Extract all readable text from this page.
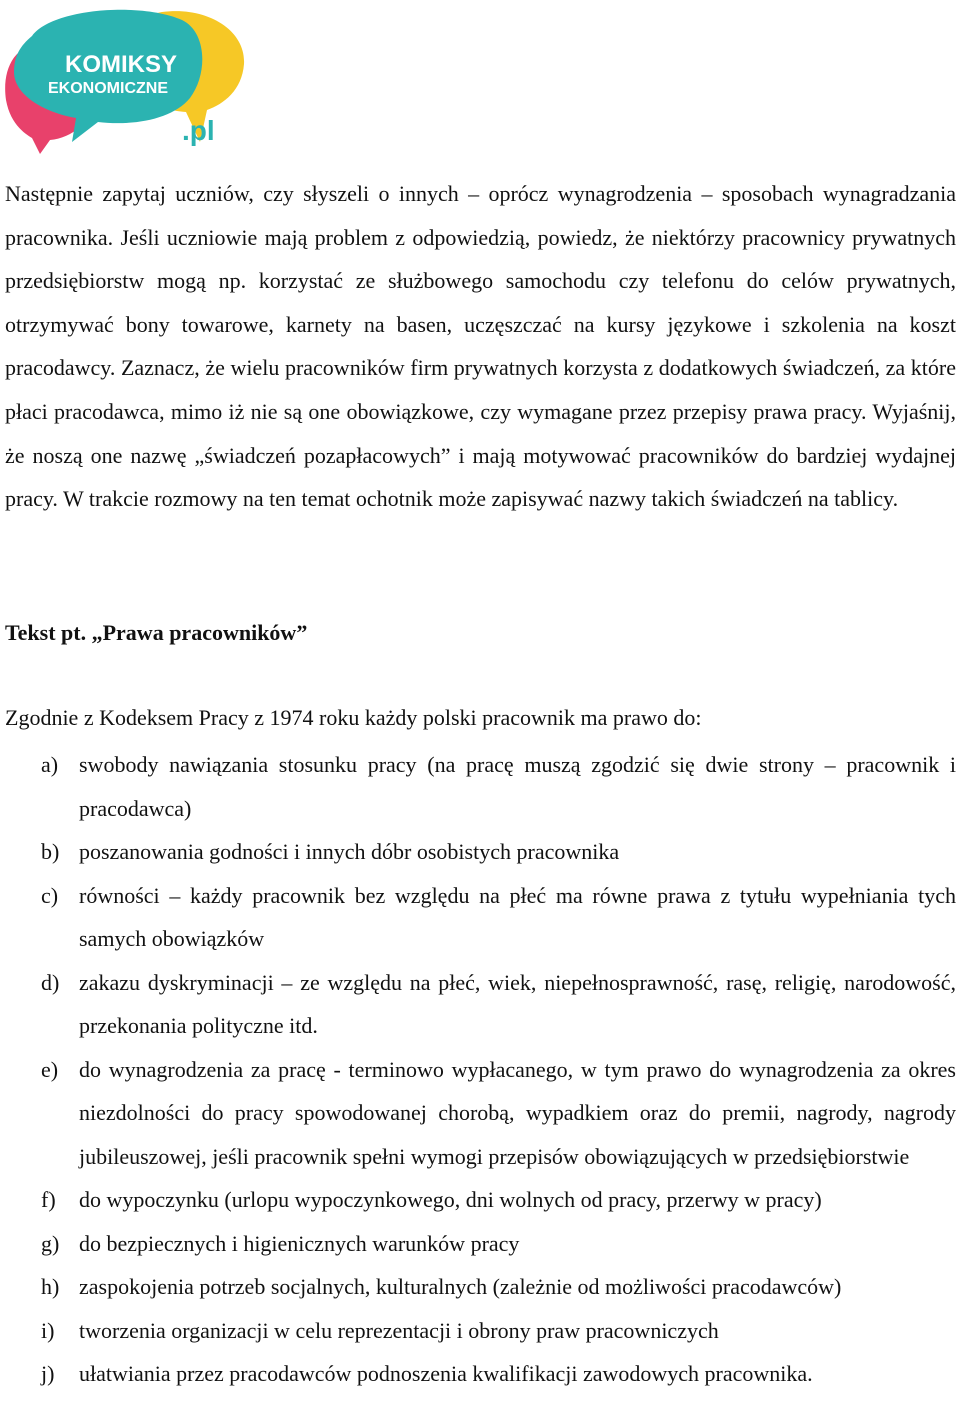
KOMIKSY
EKONOMICZNE
.pl

Następnie zapytaj uczniów, czy słyszeli o innych – oprócz wynagrodzenia – sposobach wynagradzania pracownika. Jeśli uczniowie mają problem z odpowiedzią, powiedz, że niektórzy pracownicy prywatnych przedsiębiorstw mogą np. korzystać ze służbowego samochodu czy telefonu do celów prywatnych, otrzymywać bony towarowe, karnety na basen, uczęszczać na kursy językowe i szkolenia na koszt pracodawcy. Zaznacz, że wielu pracowników firm prywatnych korzysta z dodatkowych świadczeń, za które płaci pracodawca, mimo iż nie są one obowiązkowe, czy wymagane przez przepisy prawa pracy. Wyjaśnij, że noszą one nazwę „świadczeń pozapłacowych” i mają motywować pracowników do bardziej wydajnej pracy. W trakcie rozmowy na ten temat ochotnik może zapisywać nazwy takich świadczeń na tablicy.

Tekst pt. „Prawa pracowników”

Zgodnie z Kodeksem Pracy z 1974 roku każdy polski pracownik ma prawo do:

a) swobody nawiązania stosunku pracy (na pracę muszą zgodzić się dwie strony – pracownik i pracodawca)
b) poszanowania godności i innych dóbr osobistych pracownika
c) równości – każdy pracownik bez względu na płeć ma równe prawa z tytułu wypełniania tych samych obowiązków
d) zakazu dyskryminacji – ze względu na płeć, wiek, niepełnosprawność, rasę, religię, narodowość, przekonania polityczne itd.
e) do wynagrodzenia za pracę - terminowo wypłacanego, w tym prawo do wynagrodzenia za okres niezdolności do pracy spowodowanej chorobą, wypadkiem oraz do premii, nagrody, nagrody jubileuszowej, jeśli pracownik spełni wymogi przepisów obowiązujących w przedsiębiorstwie
f)	do wypoczynku (urlopu wypoczynkowego, dni wolnych od pracy, przerwy w pracy)
g) do bezpiecznych i higienicznych warunków pracy
h) zaspokojenia potrzeb socjalnych, kulturalnych (zależnie od możliwości pracodawców)
i)	tworzenia organizacji w celu reprezentacji i obrony praw pracowniczych
j)	ułatwiania przez pracodawców podnoszenia kwalifikacji zawodowych pracownika.
